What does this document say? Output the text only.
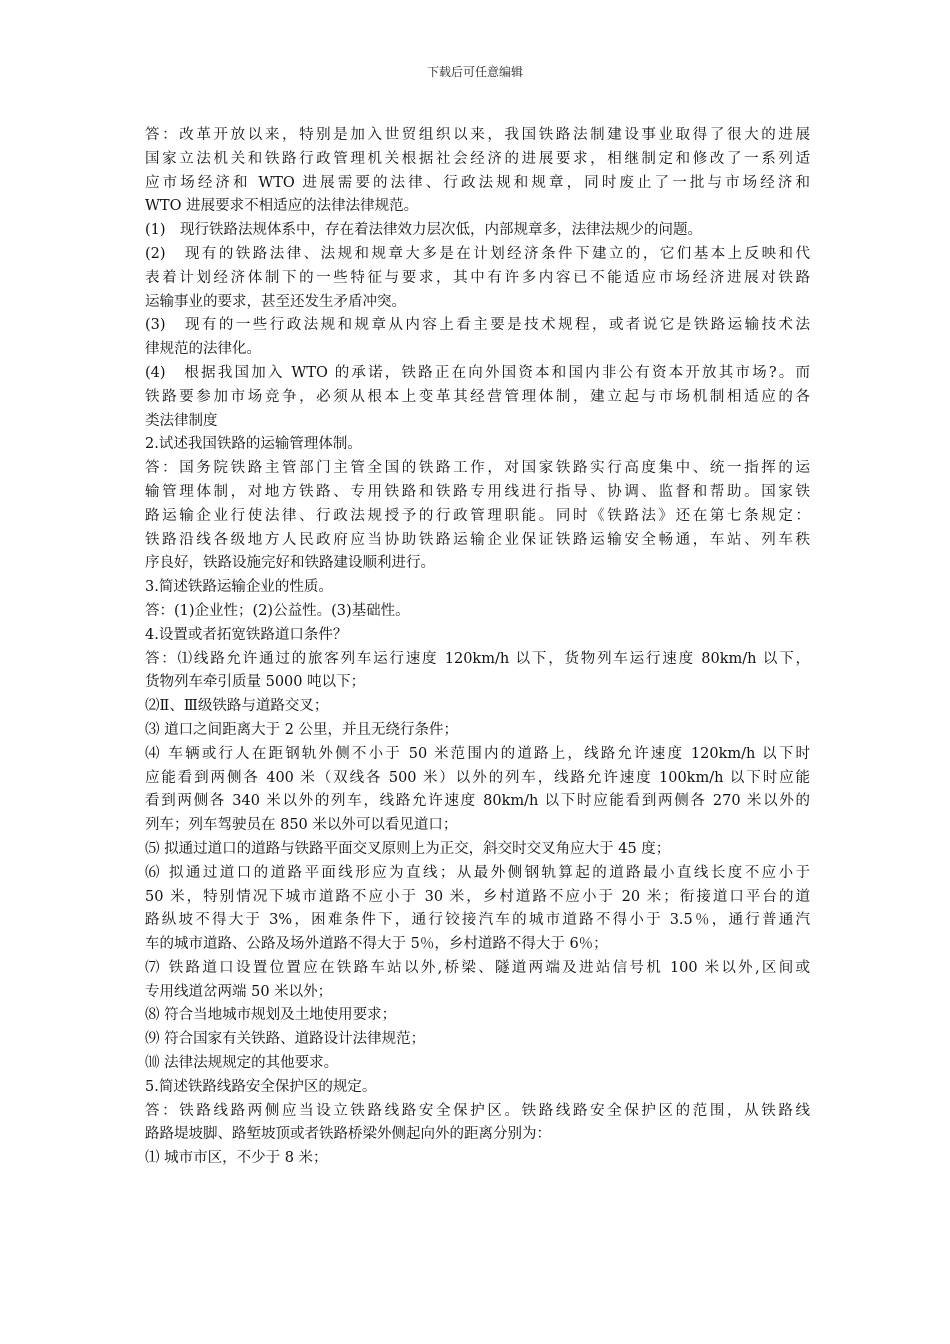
下载后可任意编辑
答：改革开放以来，特别是加入世贸组织以来，我国铁路法制建设事业取得了很大的进展
国家立法机关和铁路行政管理机关根据社会经济的进展要求，相继制定和修改了一系列适
应市场经济和 WTO 进展需要的法律、行政法规和规章，同时废止了一批与市场经济和
WTO 进展要求不相适应的法律法律规范。
(1)　现行铁路法规体系中，存在着法律效力层次低，内部规章多，法律法规少的问题。
(2)　现有的铁路法律、法规和规章大多是在计划经济条件下建立的，它们基本上反映和代
表着计划经济体制下的一些特征与要求，其中有许多内容已不能适应市场经济进展对铁路
运输事业的要求，甚至还发生矛盾冲突。
(3)　现有的一些行政法规和规章从内容上看主要是技术规程，或者说它是铁路运输技术法
律规范的法律化。
(4)　根据我国加入 WTO 的承诺，铁路正在向外国资本和国内非公有资本开放其市场?。而
铁路要参加市场竞争，必须从根本上变革其经营管理体制，建立起与市场机制相适应的各
类法律制度
2.试述我国铁路的运输管理体制。
答：国务院铁路主管部门主管全国的铁路工作，对国家铁路实行高度集中、统一指挥的运
输管理体制，对地方铁路、专用铁路和铁路专用线进行指导、协调、监督和帮助。国家铁
路运输企业行使法律、行政法规授予的行政管理职能。同时《铁路法》还在第七条规定：
铁路沿线各级地方人民政府应当协助铁路运输企业保证铁路运输安全畅通，车站、列车秩
序良好，铁路设施完好和铁路建设顺利进行。
3.简述铁路运输企业的性质。
答：(1)企业性；(2)公益性。(3)基础性。
4.设置或者拓宽铁路道口条件？
答：⑴线路允许通过的旅客列车运行速度 120km/h 以下，货物列车运行速度 80km/h 以下，
货物列车牵引质量 5000 吨以下；
⑵Ⅱ、Ⅲ级铁路与道路交叉；
⑶ 道口之间距离大于 2 公里，并且无绕行条件；
⑷ 车辆或行人在距钢轨外侧不小于 50 米范围内的道路上，线路允许速度 120km/h 以下时
应能看到两侧各 400 米（双线各 500 米）以外的列车，线路允许速度 100km/h 以下时应能
看到两侧各 340 米以外的列车，线路允许速度 80km/h 以下时应能看到两侧各 270 米以外的
列车；列车驾驶员在 850 米以外可以看见道口；
⑸ 拟通过道口的道路与铁路平面交叉原则上为正交，斜交时交叉角应大于 45 度；
⑹ 拟通过道口的道路平面线形应为直线；从最外侧钢轨算起的道路最小直线长度不应小于
50 米，特别情况下城市道路不应小于 30 米，乡村道路不应小于 20 米；衔接道口平台的道
路纵坡不得大于 3%，困难条件下，通行铰接汽车的城市道路不得小于 3.5％，通行普通汽
车的城市道路、公路及场外道路不得大于 5％，乡村道路不得大于 6％；
⑺ 铁路道口设置位置应在铁路车站以外,桥梁、隧道两端及进站信号机 100 米以外,区间或
专用线道岔两端 50 米以外；
⑻ 符合当地城市规划及土地使用要求；
⑼ 符合国家有关铁路、道路设计法律规范；
⑽ 法律法规规定的其他要求。
5.简述铁路线路安全保护区的规定。
答：铁路线路两侧应当设立铁路线路安全保护区。铁路线路安全保护区的范围，从铁路线
路路堤坡脚、路堑坡顶或者铁路桥梁外侧起向外的距离分别为：
⑴ 城市市区，不少于 8 米；
